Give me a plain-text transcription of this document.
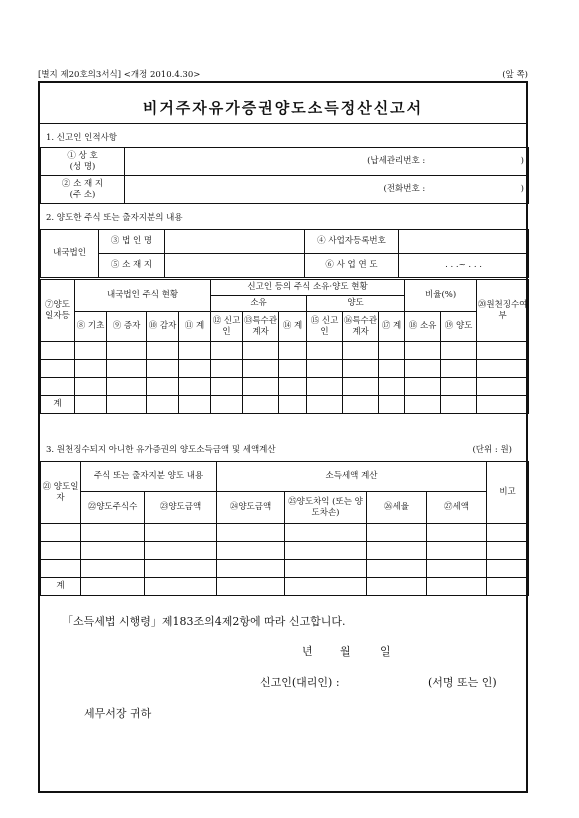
[별지 제20호의3서식] <개정 2010.4.30>	(앞 쪽)
비거주자유가증권양도소득정산신고서
1. 신고인 인적사항
① 상 호
(성 명)	(납세관리번호 : )

② 소 재 지
(주 소)	(전화번호 : )
2. 양도한 주식 또는 출자지분의 내용
내국법인	③ 법 인 명		④ 사업자등록번호	
	⑤ 소 재 지		⑥ 사 업 연 도	. . .~ . . .
⑦양도일자등	내국법인 주식 현황				신고인 등의 주식 소유·양도 현황						비율(%)		⑳원천징수여부
					소유			양도					
	⑧ 기초	⑨ 증자	⑩ 감자	⑪ 계	⑫ 신고인	⑬특수관계자	⑭ 계	⑮ 신고인	⑯특수관계자	⑰ 계	⑱ 소유	⑲ 양도	

계													
3. 원천징수되지 아니한 유가증권의 양도소득금액 및 세액계산	(단위 : 원)
㉑ 양도일자	주식 또는 출자지분 양도 내용		소득세액 계산				비고
	㉒양도주식수	㉓양도금액	㉔양도금액	㉕양도차익 (또는 양도차손)	㉖세율	㉗세액	

계							
「소득세법 시행령」제183조의4제2항에 따라 신고합니다.
년 월	일
신고인(대리인) :	(서명 또는 인)
세무서장 귀하
